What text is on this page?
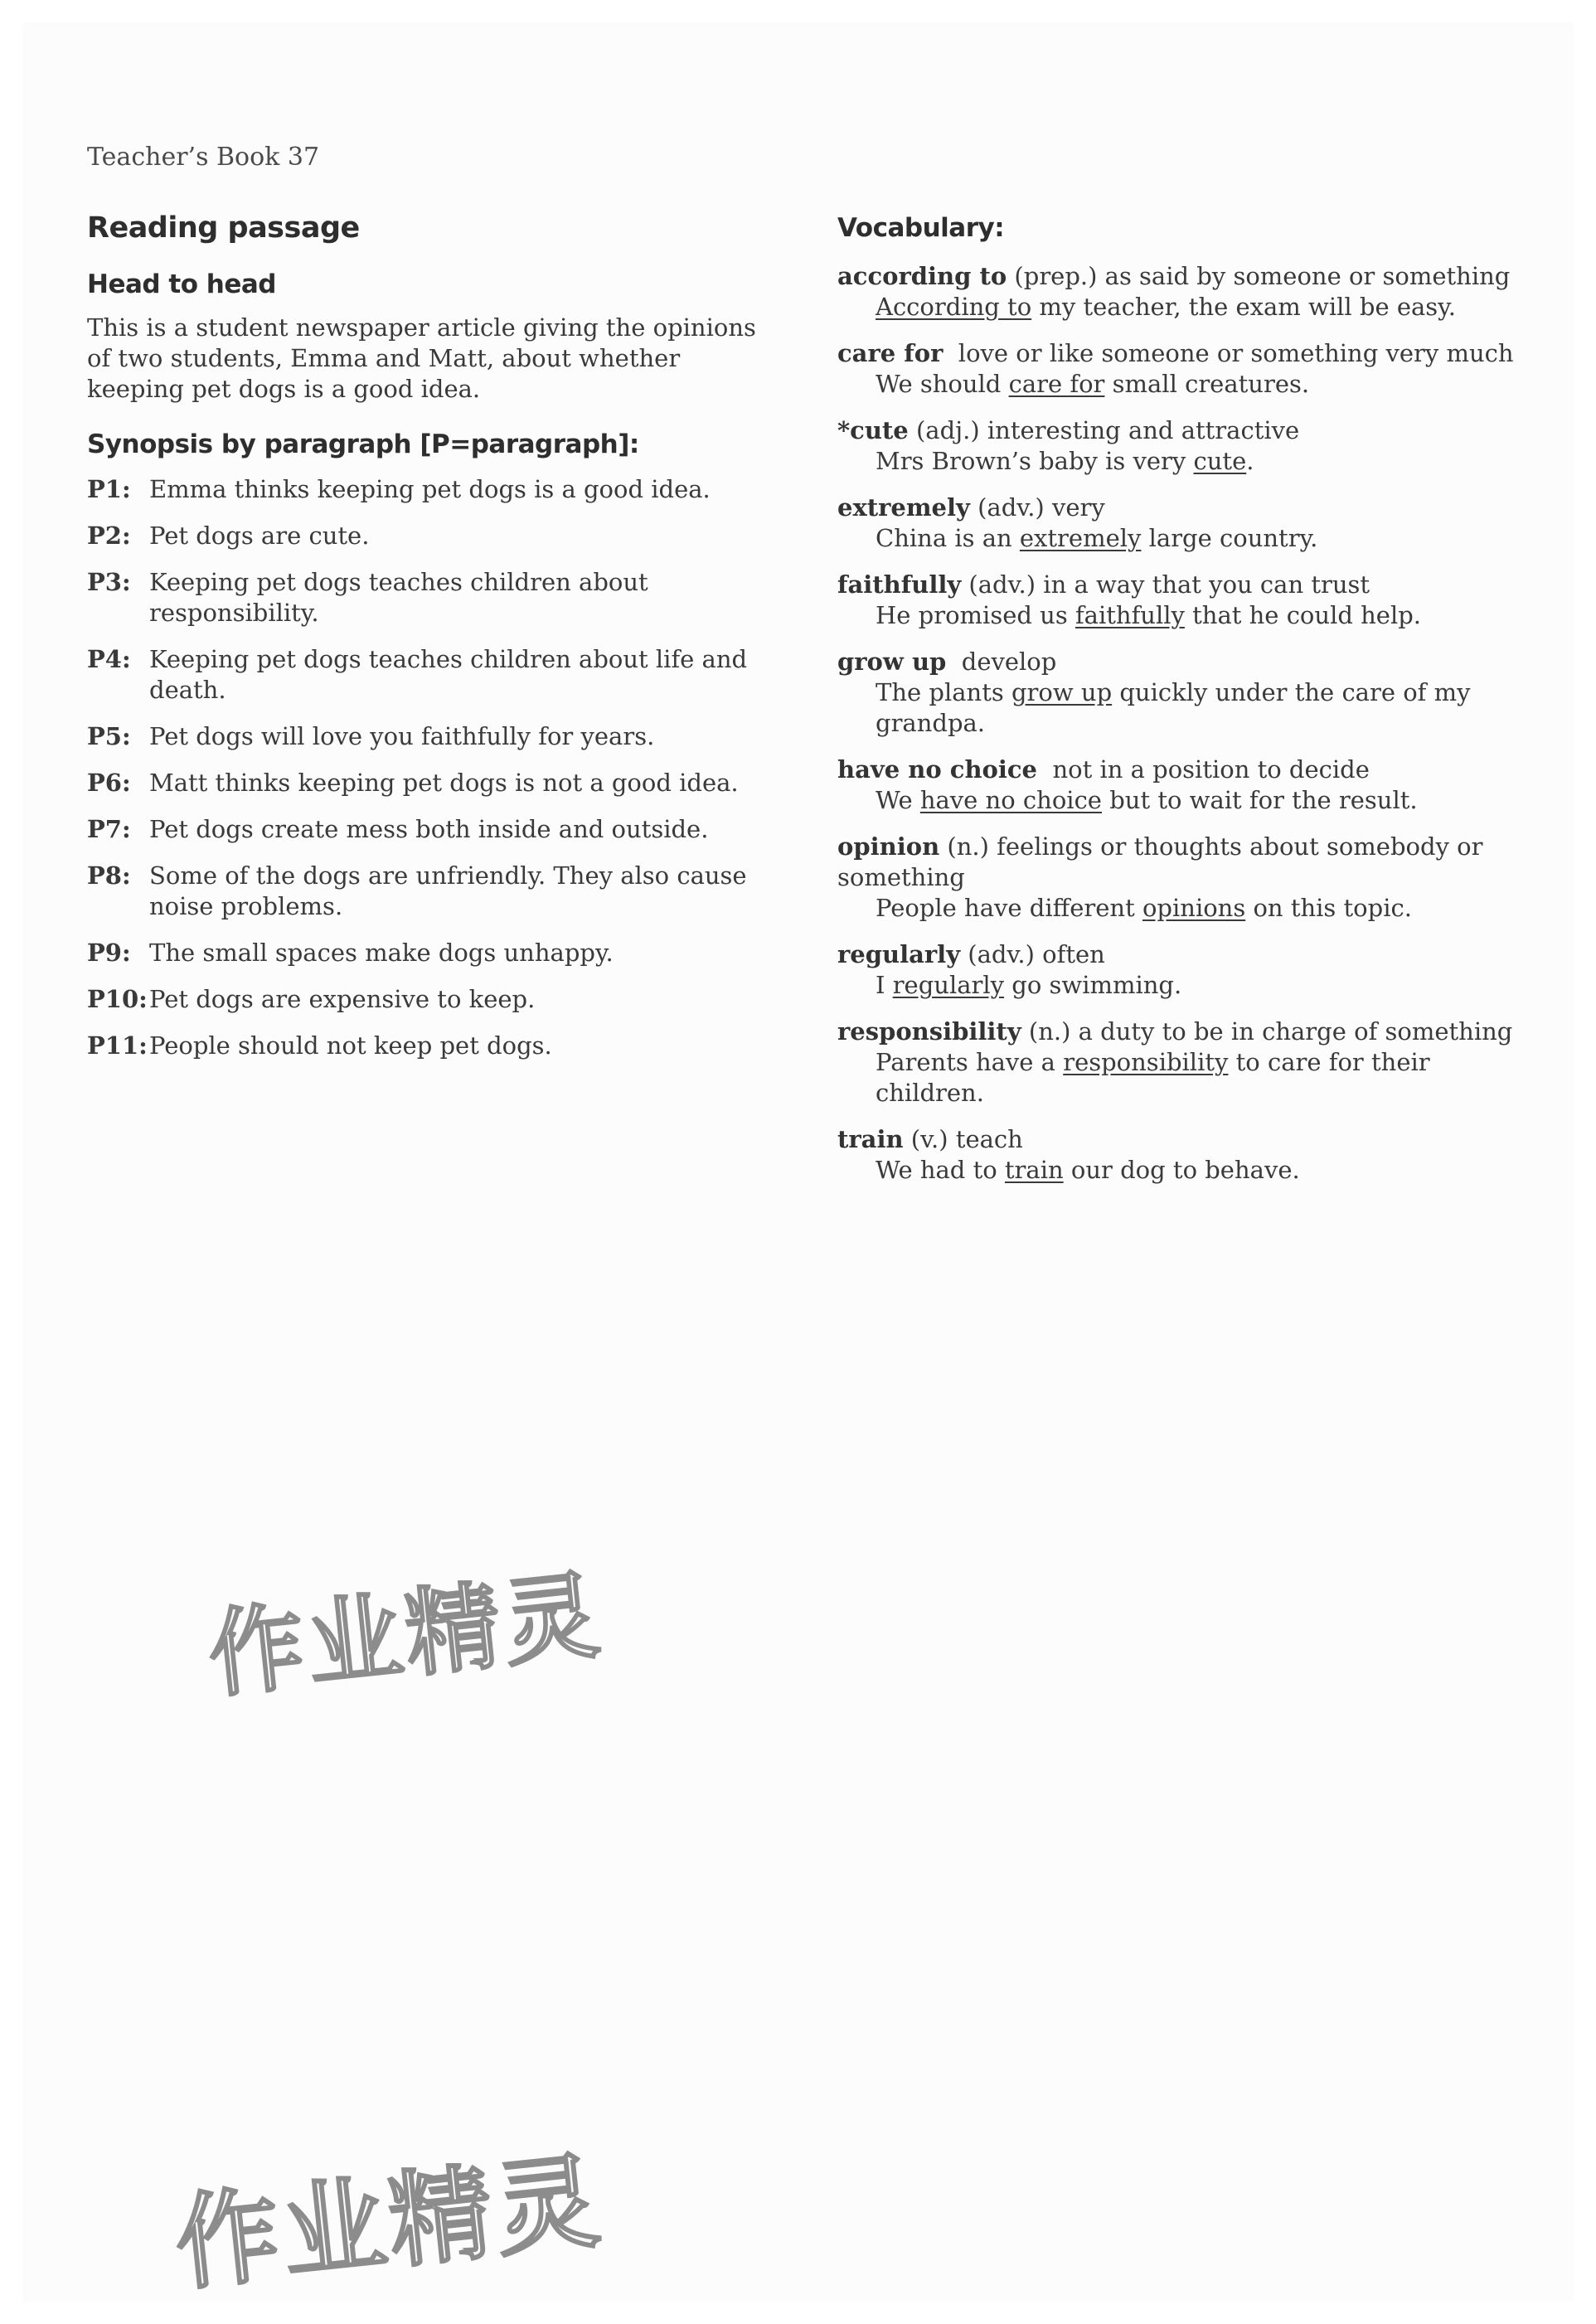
Teacher’s Book 37
Reading passage
Head to head
This is a student newspaper article giving the opinions of two students, Emma and Matt, about whether keeping pet dogs is a good idea.
Synopsis by paragraph [P=paragraph]:
P1: Emma thinks keeping pet dogs is a good idea.
P2: Pet dogs are cute.
P3: Keeping pet dogs teaches children about responsibility.
P4: Keeping pet dogs teaches children about life and death.
P5: Pet dogs will love you faithfully for years.
P6: Matt thinks keeping pet dogs is not a good idea.
P7: Pet dogs create mess both inside and outside.
P8: Some of the dogs are unfriendly. They also cause noise problems.
P9: The small spaces make dogs unhappy.
P10: Pet dogs are expensive to keep.
P11: People should not keep pet dogs.
Vocabulary:
according to (prep.) as said by someone or something
According to my teacher, the exam will be easy.
care for  love or like someone or something very much
We should care for small creatures.
*cute (adj.) interesting and attractive
Mrs Brown’s baby is very cute.
extremely (adv.) very
China is an extremely large country.
faithfully (adv.) in a way that you can trust
He promised us faithfully that he could help.
grow up  develop
The plants grow up quickly under the care of my grandpa.
have no choice  not in a position to decide
We have no choice but to wait for the result.
opinion (n.) feelings or thoughts about somebody or something
People have different opinions on this topic.
regularly (adv.) often
I regularly go swimming.
responsibility (n.) a duty to be in charge of something
Parents have a responsibility to care for their children.
train (v.) teach
We had to train our dog to behave.
作业精灵
作业精灵
